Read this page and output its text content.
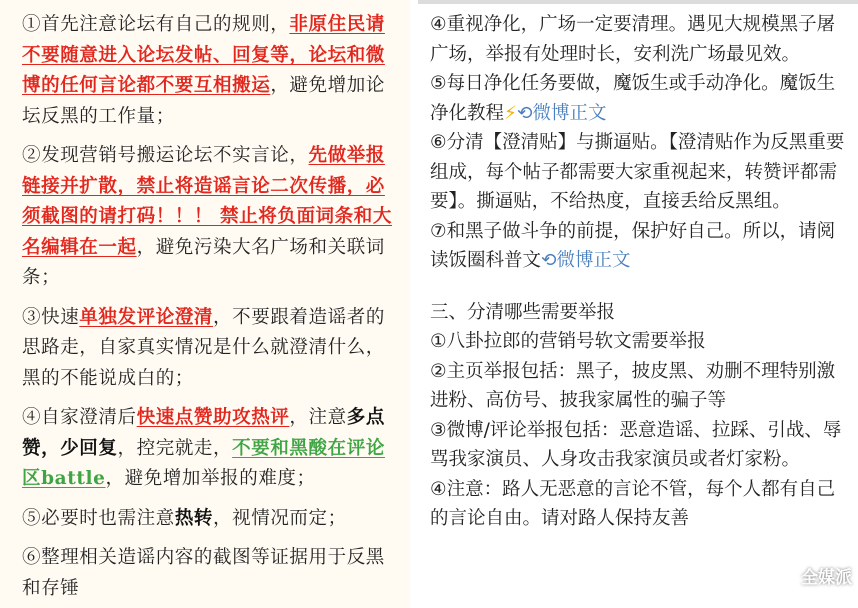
①首先注意论坛有自己的规则，非原住民请不要随意进入论坛发帖、回复等，论坛和微博的任何言论都不要互相搬运，避免增加论坛反黑的工作量；

②发现营销号搬运论坛不实言论，先做举报链接并扩散，禁止将造谣言论二次传播，必须截图的请打码！！！ 禁止将负面词条和大名编辑在一起，避免污染大名广场和关联词条；

③快速单独发评论澄清，不要跟着造谣者的思路走，自家真实情况是什么就澄清什么，黑的不能说成白的；

④自家澄清后快速点赞助攻热评，注意多点赞，少回复，控完就走，不要和黑酸在评论区battle，避免增加举报的难度；

⑤必要时也需注意热转，视情况而定；

⑥整理相关造谣内容的截图等证据用于反黑和存锤

④重视净化，广场一定要清理。遇见大规模黑子屠广场，举报有处理时长，安利洗广场最见效。

⑤每日净化任务要做，魔饭生或手动净化。魔饭生净化教程⚡⟲微博正文

⑥分清【澄清贴】与撕逼贴。【澄清贴作为反黑重要组成，每个帖子都需要大家重视起来，转赞评都需要】。撕逼贴，不给热度，直接丢给反黑组。

⑦和黑子做斗争的前提，保护好自己。所以，请阅读饭圈科普文⟲微博正文

三、分清哪些需要举报

①八卦拉郎的营销号软文需要举报

②主页举报包括：黑子，披皮黑、劝删不理特别激进粉、高仿号、披我家属性的骗子等

③微博/评论举报包括：恶意造谣、拉踩、引战、辱骂我家演员、人身攻击我家演员或者灯家粉。

④注意：路人无恶意的言论不管，每个人都有自己的言论自由。请对路人保持友善

全媒派
